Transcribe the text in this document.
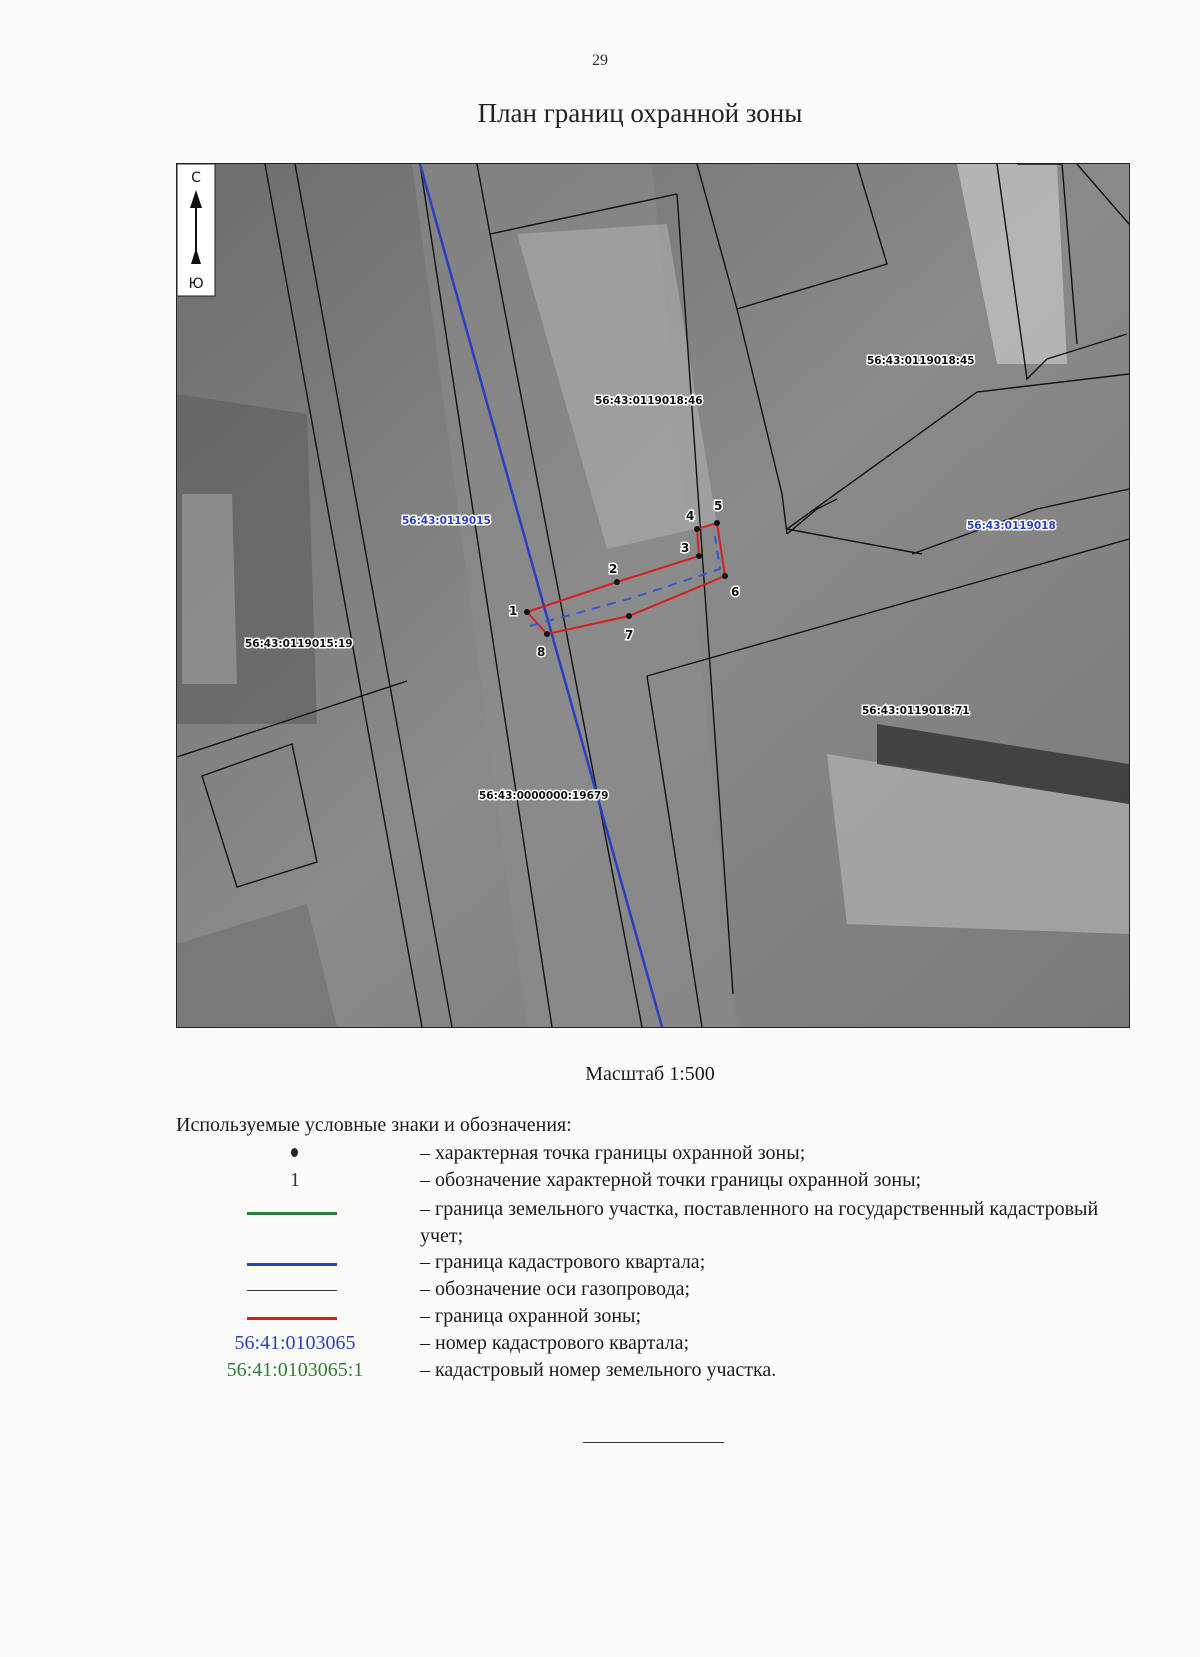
29
План границ охранной зоны
1
2
3
4
5
6
7
8
56:43:0119015	56:43:0119018
56:43:0119018:46
56:43:0119018:45
56:43:0119015:19
56:43:0119018:71
56:43:0000000:19679
С
Ю
Масштаб 1:500
Используемые условные знаки и обозначения:
– характерная точка границы охранной зоны;
1	– обозначение характерной точки границы охранной зоны;
– граница земельного участка, поставленного на государственный кадастровый учет;
– граница кадастрового квартала;
– обозначение оси газопровода;
– граница охранной зоны;
56:41:0103065	– номер кадастрового квартала;
56:41:0103065:1	– кадастровый номер земельного участка.
